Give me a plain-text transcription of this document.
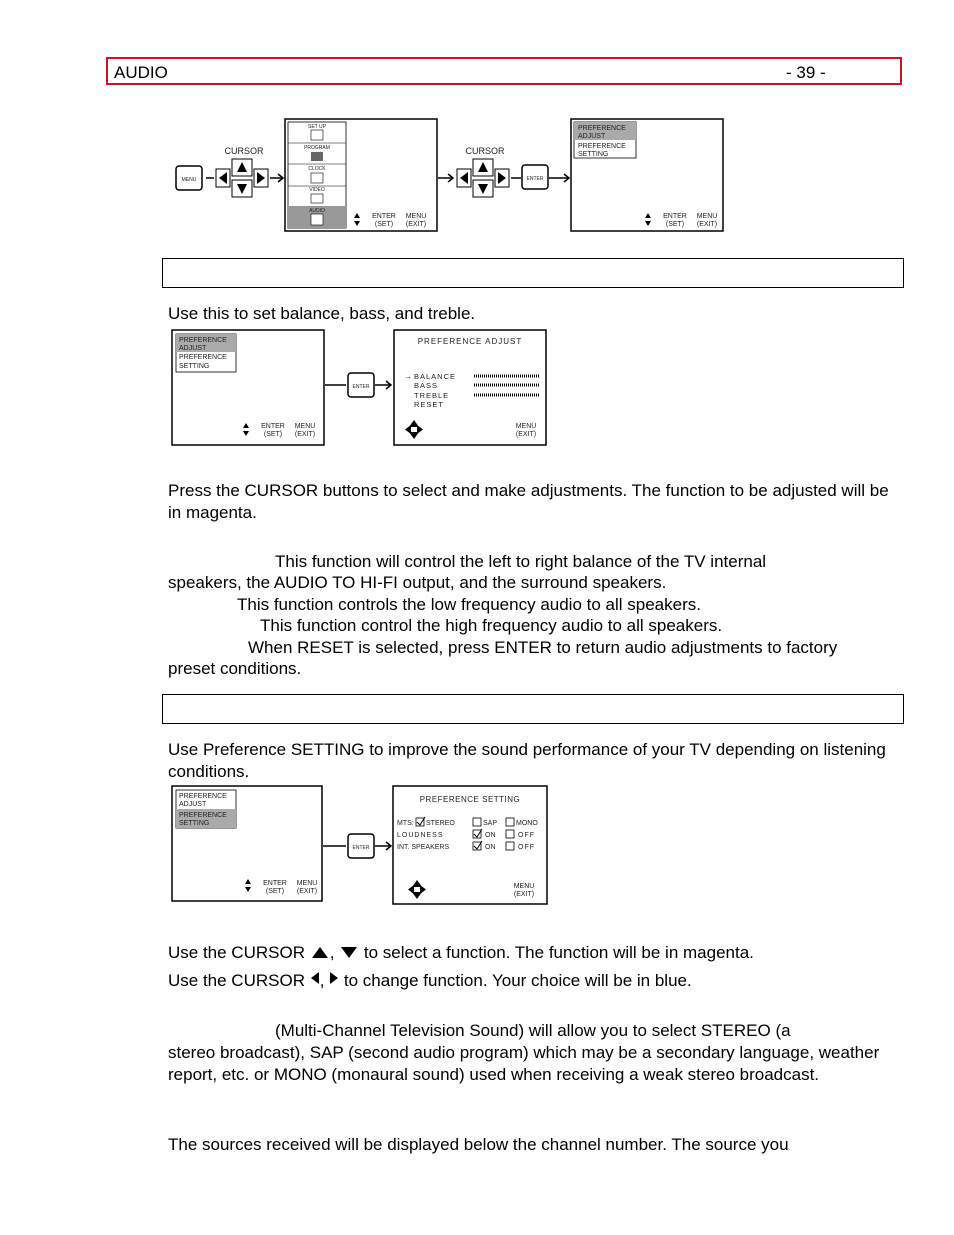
AUDIO	- 39 -
MENU
CURSOR
SET UP
PROGRAM
CLOCK
VIDEO
AUDIO
ENTER
(SET)
MENU
(EXIT)
CURSOR
ENTER
PREFERENCE
ADJUST
PREFERENCE
SETTING
ENTER
(SET)
MENU
(EXIT)
Use this to set balance, bass, and treble.
PREFERENCE
ADJUST
PREFERENCE
SETTING
ENTER
(SET)
MENU
(EXIT)
ENTER
PREFERENCE ADJUST
→ BALANCE
BASS
TREBLE
RESET
MENU
(EXIT)
Press the CURSOR buttons to select and make adjustments. The function to be adjusted will be in magenta.
This function will control the left to right balance of the TV internal
speakers, the AUDIO TO HI-FI output, and the surround speakers.
This function controls the low frequency audio to all speakers.
This function control the high frequency audio to all speakers.
When RESET is selected, press ENTER to return audio adjustments to factory
preset conditions.
Use Preference SETTING to improve the sound performance of your TV depending on listening conditions.
PREFERENCE
ADJUST
PREFERENCE
SETTING
ENTER
(SET)
MENU
(EXIT)
ENTER
PREFERENCE SETTING
MTS: STEREO	SAP	MONO
LOUDNESS	ON	OFF
INT. SPEAKERS	ON	OFF
MENU
(EXIT)
Use the CURSOR ,  to select a function. The function will be in magenta.
Use the CURSOR ,  to change function. Your choice will be in blue.
(Multi-Channel Television Sound) will allow you to select STEREO (a
stereo broadcast), SAP (second audio program) which may be a secondary language, weather report, etc. or MONO (monaural sound) used when receiving a weak stereo broadcast.
The sources received will be displayed below the channel number. The source you
